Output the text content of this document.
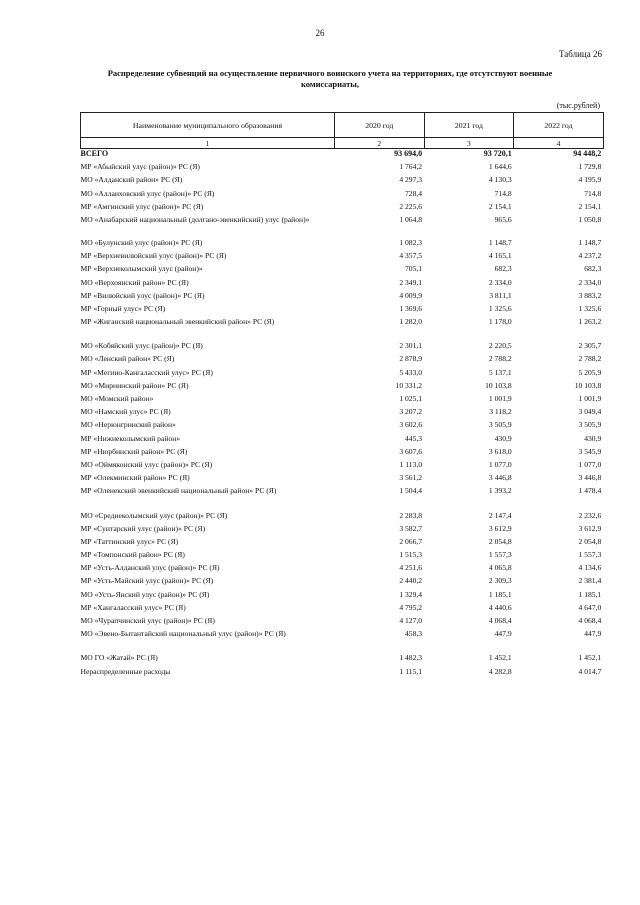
26
Таблица 26
Распределение субвенций на осуществление первичного воинского учета на территориях, где отсутствуют военные комиссариаты,
(тыс.рублей)
Наименование муниципального образования	2020 год	2021 год	2022 год
1	2	3	4
ВСЕГО	93 694,0	93 720,1	94 448,2
МР «Абыйский улус (район)» РС (Я)	1 764,2	1 644,6	1 729,8
МО «Алданский район» РС (Я)	4 297,3	4 130,3	4 195,9
МО «Аллаиховский улус (район)» РС (Я)	728,4	714,8	714,8
МР «Амгинский улус (район)» РС (Я)	2 225,6	2 154,1	2 154,1
МО «Анабарский национальный (долгано-эвенкийский) улус (район)»	1 064,8	965,6	1 050,8
МО «Булунский улус (район)» РС (Я)	1 082,3	1 148,7	1 148,7
МР «Верхневилюйский улус (район)» РС (Я)	4 357,5	4 165,1	4 237,2
МР «Верхнеколымский улус (район)»	705,1	682,3	682,3
МО «Верхоянский район» РС (Я)	2 349,1	2 334,0	2 334,0
МР «Вилюйский улус (район)» РС (Я)	4 009,9	3 811,1	3 883,2
МР «Горный улус» РС (Я)	1 369,6	1 325,6	1 325,6
МР «Жиганский национальный эвенкийский район» РС (Я)	1 282,0	1 178,0	1 263,2

МО «Кобяйский улус (район)» РС (Я)	2 301,1	2 220,5	2 305,7
МО «Ленский район» РС (Я)	2 878,9	2 788,2	2 788,2
МР «Мегино-Кангаласский улус» РС (Я)	5 433,0	5 137,1	5 205,9
МО «Мирнинский район» РС (Я)	10 331,2	10 103,8	10 103,8
МО «Момский район»	1 025,1	1 001,9	1 001,9
МО «Намский улус» РС (Я)	3 207,2	3 118,2	3 049,4
МО «Нерюнгринский район»	3 602,6	3 505,9	3 505,9
МР «Нижнеколымский район»	445,3	430,9	430,9
МР «Нюрбинский район» РС (Я)	3 607,6	3 618,0	3 545,9
МО «Оймяконский улус (район)» РС (Я)	1 113,0	1 077,0	1 077,0
МР «Олекминский район» РС (Я)	3 561,2	3 446,8	3 446,8
МР «Оленекский эвенкийский национальный район» РС (Я)	1 504,4	1 393,2	1 478,4

МО «Среднеколымский улус (район)» РС (Я)	2 283,8	2 147,4	2 232,6
МР «Сунтарский улус (район)» РС (Я)	3 582,7	3 612,9	3 612,9
МР «Таттинский улус» РС (Я)	2 066,7	2 054,8	2 054,8
МР «Томпонский район» РС (Я)	1 515,3	1 557,3	1 557,3
МР «Усть-Алданский улус (район)» РС (Я)	4 251,6	4 065,8	4 134,6
МР «Усть-Майский улус (район)» РС (Я)	2 440,2	2 309,3	2 381,4
МО «Усть-Янский улус (район)» РС (Я)	1 329,4	1 185,1	1 185,1
МР «Хангаласский улус» РС (Я)	4 795,2	4 440,6	4 647,0
МО «Чурапчинский улус (район)» РС (Я)	4 127,0	4 068,4	4 068,4
МО «Эвено-Бытантайский национальный улус (район)» РС (Я)	458,3	447,9	447,9

МО ГО «Жатай» РС (Я)	1 482,3	1 452,1	1 452,1
Нераспределенные расходы	1 115,1	4 282,8	4 014,7
